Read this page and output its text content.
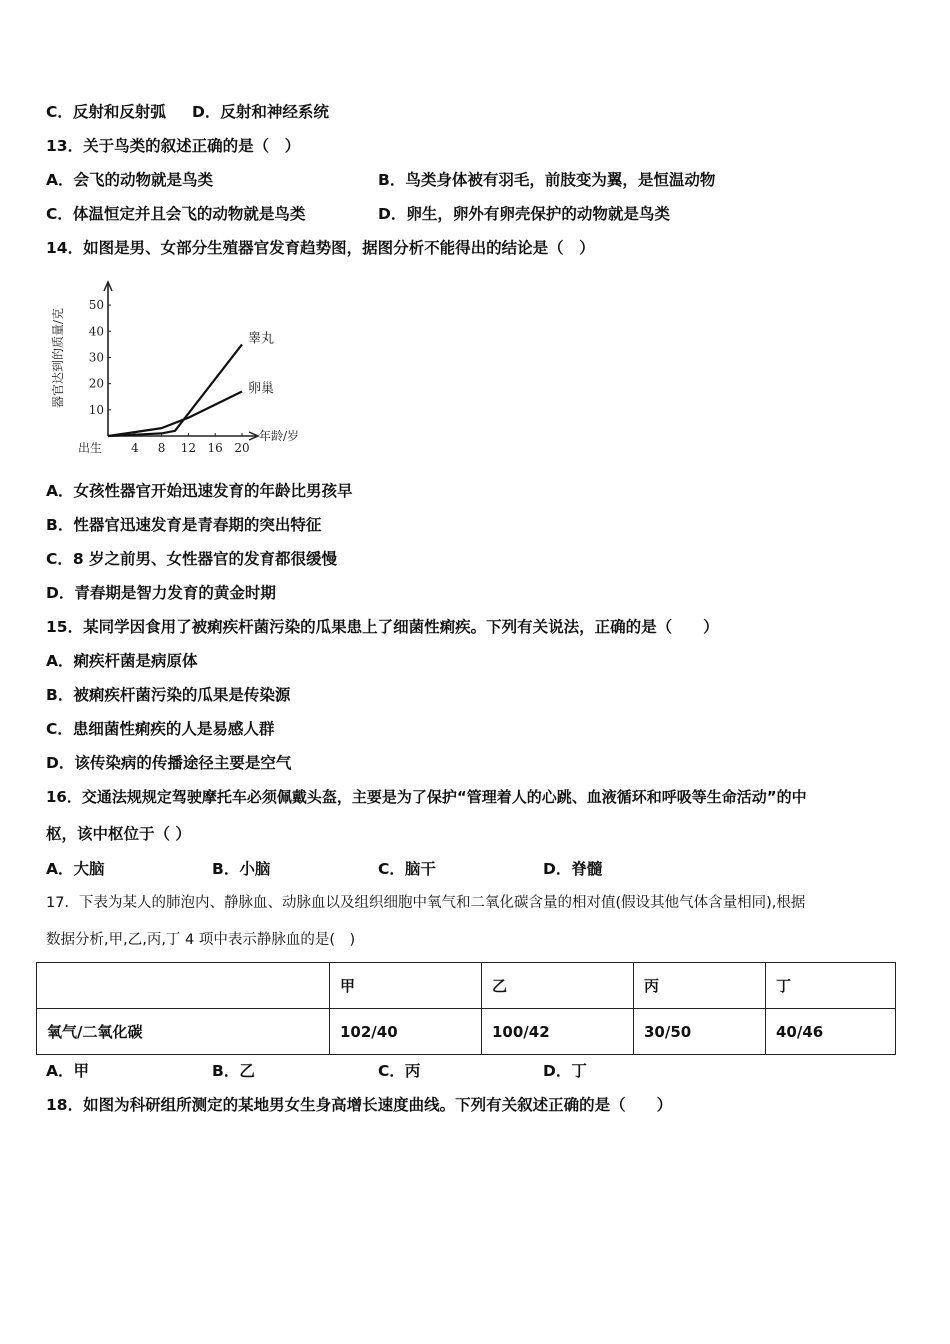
C．反射和反射弧 D．反射和神经系统
13．关于鸟类的叙述正确的是（　）
A．会飞的动物就是鸟类	B．鸟类身体被有羽毛，前肢变为翼，是恒温动物
C．体温恒定并且会飞的动物就是鸟类	D．卵生，卵外有卵壳保护的动物就是鸟类
14．如图是男、女部分生殖器官发育趋势图，据图分析不能得出的结论是（　）
10
20
30
40
50
4 8 12 16 20
睾丸
卵巢
器官达到的质量/克
年龄/岁
出生
A．女孩性器官开始迅速发育的年龄比男孩早
B．性器官迅速发育是青春期的突出特征
C．8 岁之前男、女性器官的发育都很缓慢
D．青春期是智力发育的黄金时期
15．某同学因食用了被痢疾杆菌污染的瓜果患上了细菌性痢疾。下列有关说法，正确的是（　　）
A．痢疾杆菌是病原体
B．被痢疾杆菌污染的瓜果是传染源
C．患细菌性痢疾的人是易感人群
D．该传染病的传播途径主要是空气
16．交通法规规定驾驶摩托车必须佩戴头盔，主要是为了保护“管理着人的心跳、血液循环和呼吸等生命活动”的中
枢，该中枢位于（ ）
A．大脑	B．小脑	C．脑干	D．脊髓
17．下表为某人的肺泡内、静脉血、动脉血以及组织细胞中氧气和二氧化碳含量的相对值(假设其他气体含量相同),根据
数据分析,甲,乙,丙,丁 4 项中表示静脉血的是(　)
	甲	乙	丙	丁
氧气/二氧化碳	102/40	100/42	30/50	40/46
A．甲	B．乙	C．丙	D．丁
18．如图为科研组所测定的某地男女生身高增长速度曲线。下列有关叙述正确的是（　　）
